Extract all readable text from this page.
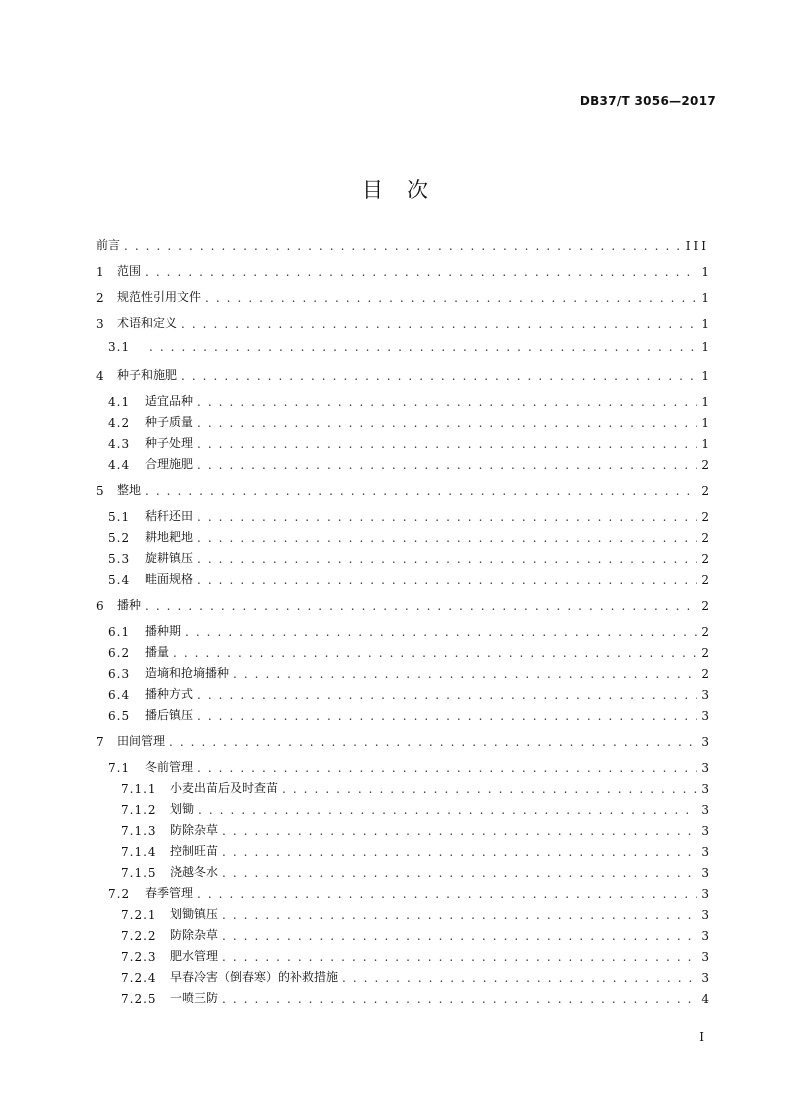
DB37/T 3056—2017
目 次
前言 . . .	III
1	范围 . . .	1
2	规范性引用文件 . . .	1
3	术语和定义 . . .	1
3.1 . . .	1
4	种子和施肥 . . .	1
4.1	适宜品种 . . .	1
4.2	种子质量 . . .	1
4.3	种子处理 . . .	1
4.4	合理施肥 . . .	2
5	整地 . . .	2
5.1	秸秆还田 . . .	2
5.2	耕地耙地 . . .	2
5.3	旋耕镇压 . . .	2
5.4	畦面规格 . . .	2
6	播种 . . .	2
6.1	播种期 . . .	2
6.2	播量 . . .	2
6.3	造墒和抢墒播种 . . .	2
6.4	播种方式 . . .	3
6.5	播后镇压 . . .	3
7	田间管理 . . .	3
7.1	冬前管理 . . .	3
7.1.1	小麦出苗后及时查苗 . . .	3
7.1.2	划锄 . . .	3
7.1.3	防除杂草 . . .	3
7.1.4	控制旺苗 . . .	3
7.1.5	浇越冬水 . . .	3
7.2	春季管理 . . .	3
7.2.1	划锄镇压 . . .	3
7.2.2	防除杂草 . . .	3
7.2.3	肥水管理 . . .	3
7.2.4	早春冷害（倒春寒）的补救措施 . . .	3
7.2.5	一喷三防 . . .	4
I
